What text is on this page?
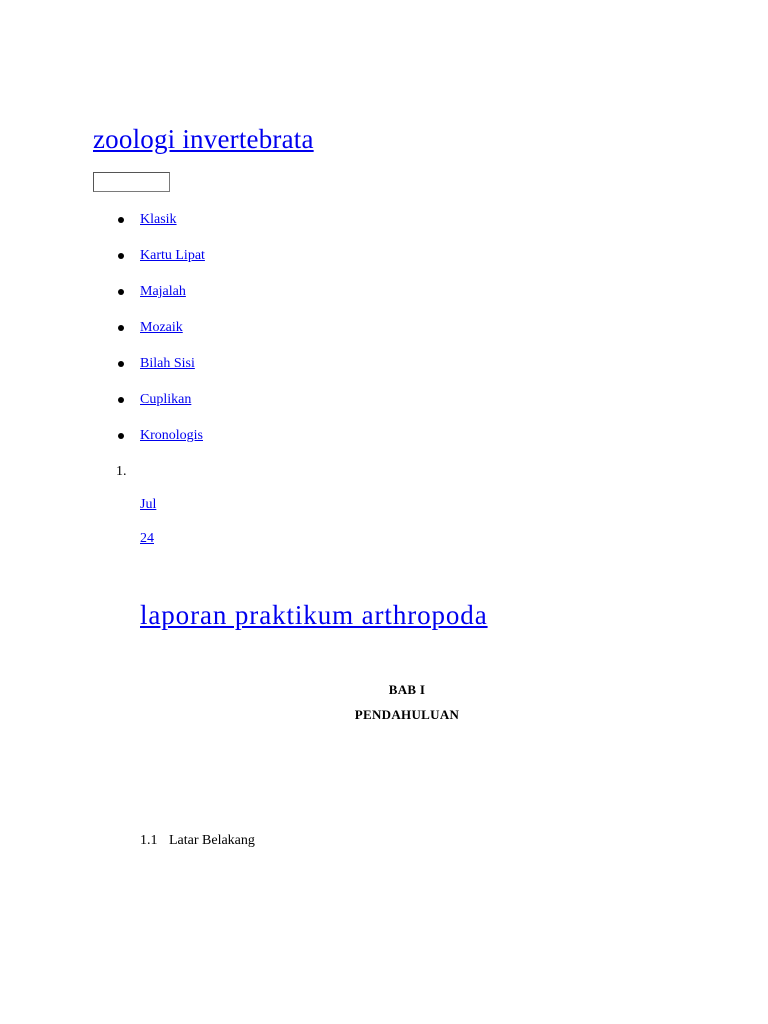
zoologi invertebrata
Klasik
Kartu Lipat
Majalah
Mozaik
Bilah Sisi
Cuplikan
Kronologis
1.
Jul
24
laporan praktikum arthropoda
BAB I
PENDAHULUAN
1.1 Latar Belakang
